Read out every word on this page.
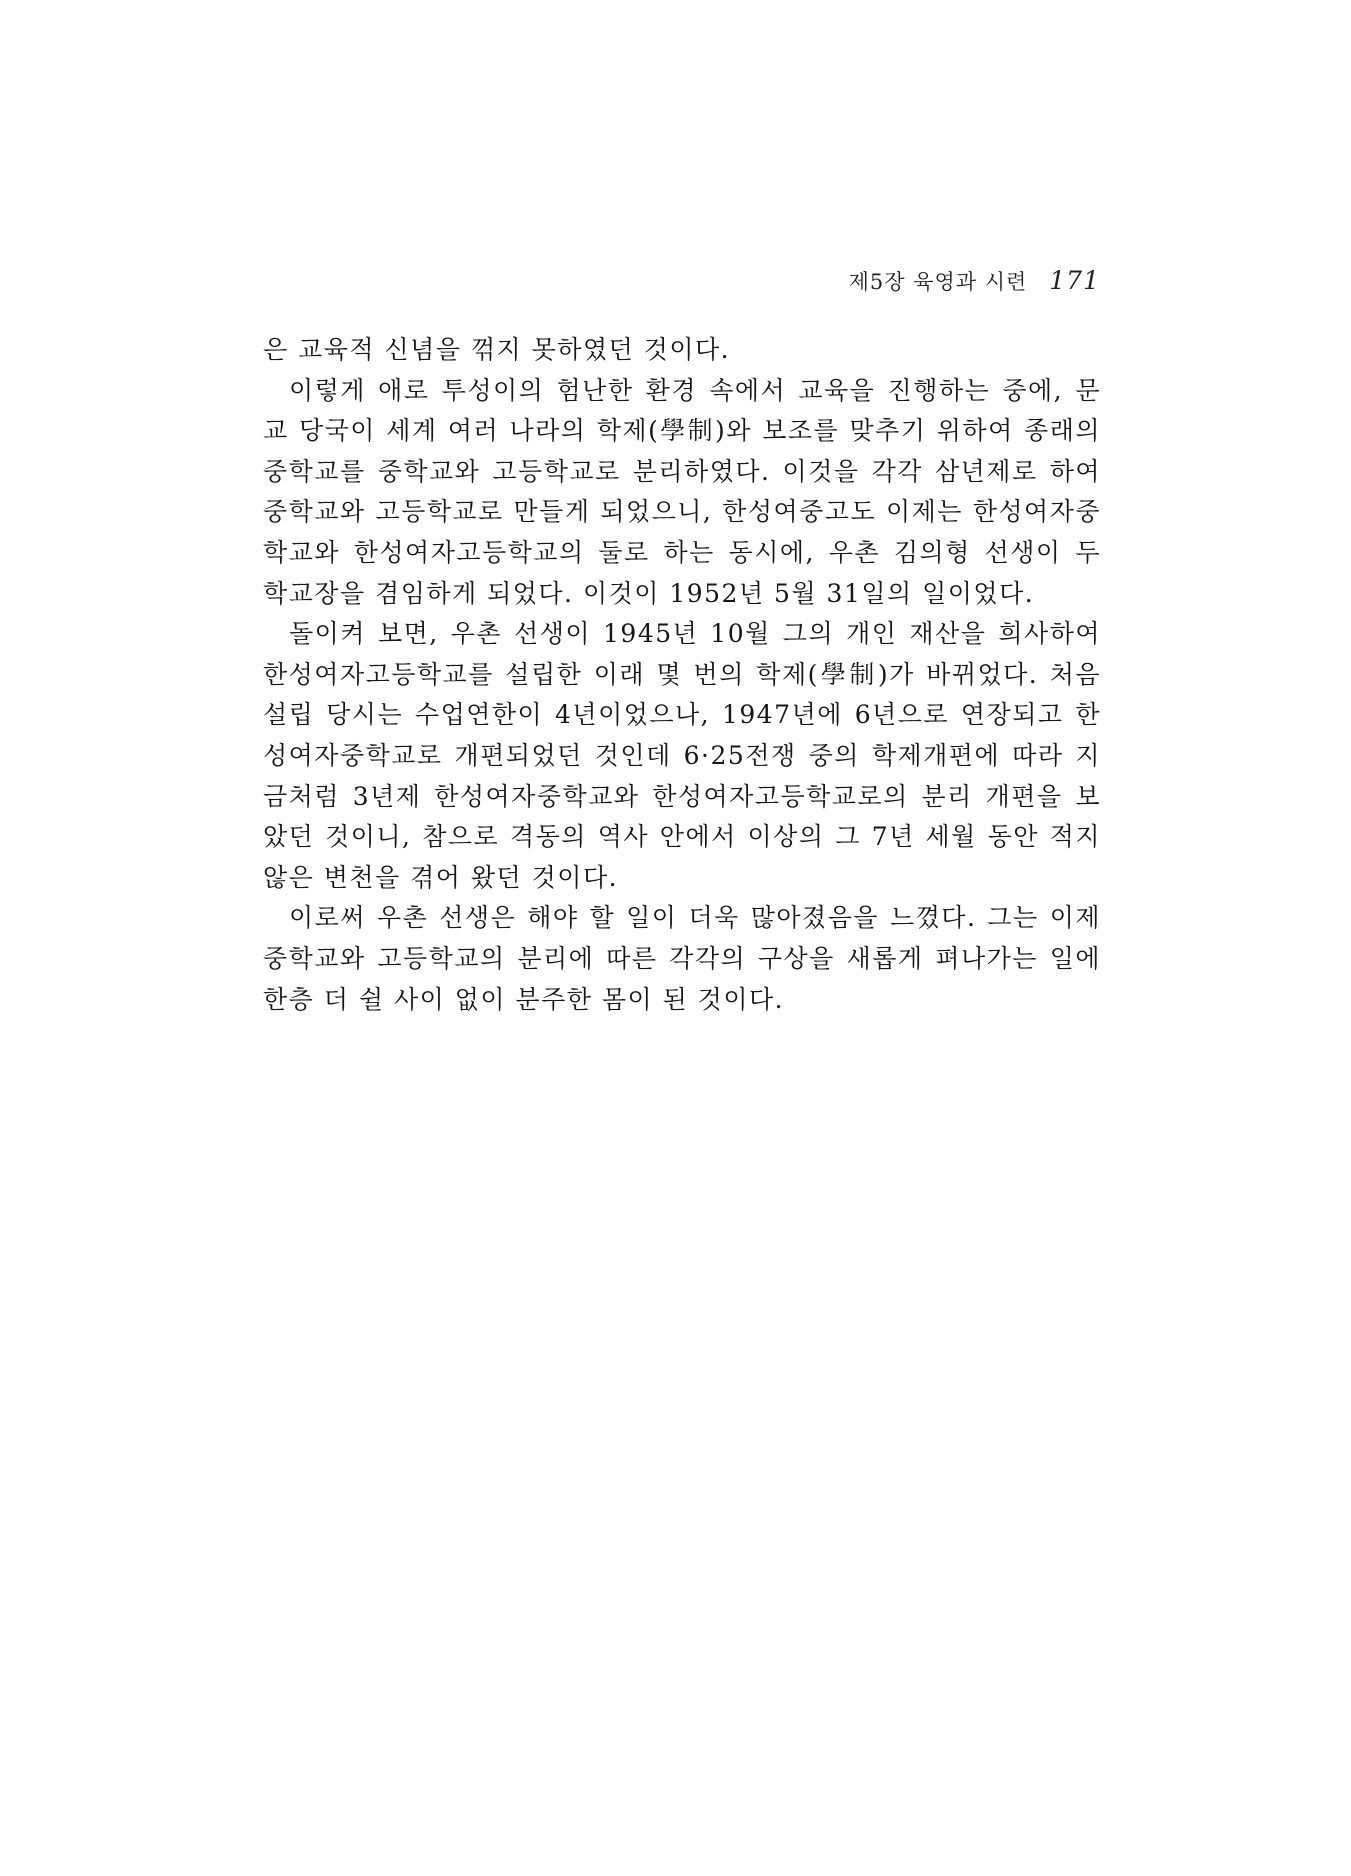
제5장 육영과 시련 171

은 교육적 신념을 꺾지 못하였던 것이다.

이렇게 애로 투성이의 험난한 환경 속에서 교육을 진행하는 중에, 문교 당국이 세계 여러 나라의 학제(學制)와 보조를 맞추기 위하여 종래의 중학교를 중학교와 고등학교로 분리하였다. 이것을 각각 삼년제로 하여 중학교와 고등학교로 만들게 되었으니, 한성여중고도 이제는 한성여자중학교와 한성여자고등학교의 둘로 하는 동시에, 우촌 김의형 선생이 두 학교장을 겸임하게 되었다. 이것이 1952년 5월 31일의 일이었다.

돌이켜 보면, 우촌 선생이 1945년 10월 그의 개인 재산을 희사하여 한성여자고등학교를 설립한 이래 몇 번의 학제(學制)가 바뀌었다. 처음 설립 당시는 수업연한이 4년이었으나, 1947년에 6년으로 연장되고 한성여자중학교로 개편되었던 것인데 6·25전쟁 중의 학제개편에 따라 지금처럼 3년제 한성여자중학교와 한성여자고등학교로의 분리 개편을 보았던 것이니, 참으로 격동의 역사 안에서 이상의 그 7년 세월 동안 적지 않은 변천을 겪어 왔던 것이다.

이로써 우촌 선생은 해야 할 일이 더욱 많아졌음을 느꼈다. 그는 이제 중학교와 고등학교의 분리에 따른 각각의 구상을 새롭게 펴나가는 일에 한층 더 쉴 사이 없이 분주한 몸이 된 것이다.
